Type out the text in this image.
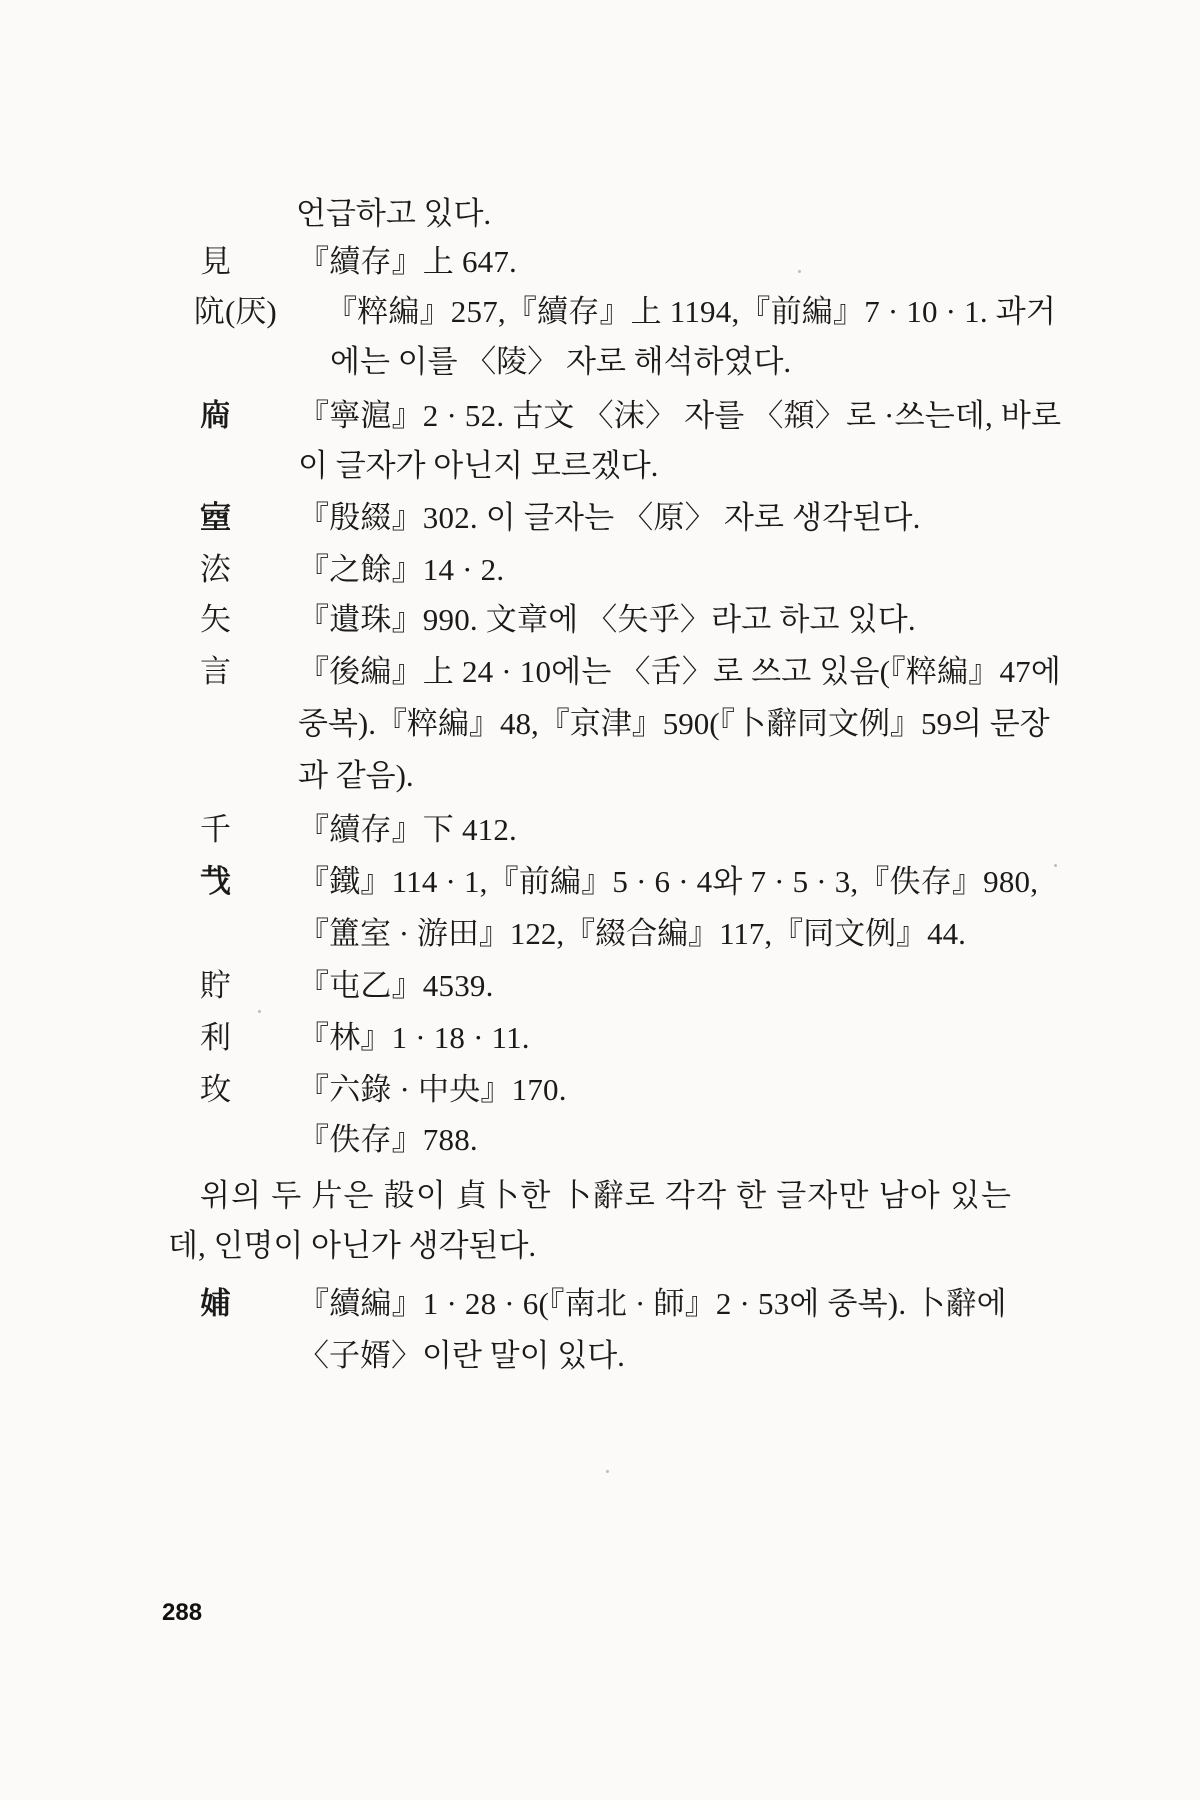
언급하고 있다.
見 『續存』上 647.
阬(厌) 『粹編』257,『續存』上 1194,『前編』7 · 10 · 1. 과거
에는 이를 〈陵〉 자로 해석하였다.
𢉒 『寧滬』2 · 52. 古文 〈沫〉 자를 〈頮〉로 ·쓰는데, 바로
이 글자가 아닌지 모르겠다.
𡨾 『殷綴』302. 이 글자는 〈原〉 자로 생각된다.
㳒 『之餘』14 · 2.
矢 『遺珠』990. 文章에 〈矢乎〉라고 하고 있다.
言 『後編』上 24 · 10에는 〈舌〉로 쓰고 있음(『粹編』47에
중복).『粹編』48,『京津』590(『卜辭同文例』59의 문장
과 같음).
千 『續存』下 412.
𢦏 『鐵』114 · 1,『前編』5 · 6 · 4와 7 · 5 · 3,『佚存』980,
『簠室 · 游田』122,『綴合編』117,『同文例』44.
貯 『屯乙』4539.
利 『林』1 · 18 · 11.
玫 『六錄 · 中央』170.
𢻱 『佚存』788.
위의 두 片은 㱿이 貞卜한 卜辭로 각각 한 글자만 남아 있는
데, 인명이 아닌가 생각된다.
𡜵 『續編』1 · 28 · 6(『南北 · 師』2 · 53에 중복). 卜辭에
〈子婿〉이란 말이 있다.
288
